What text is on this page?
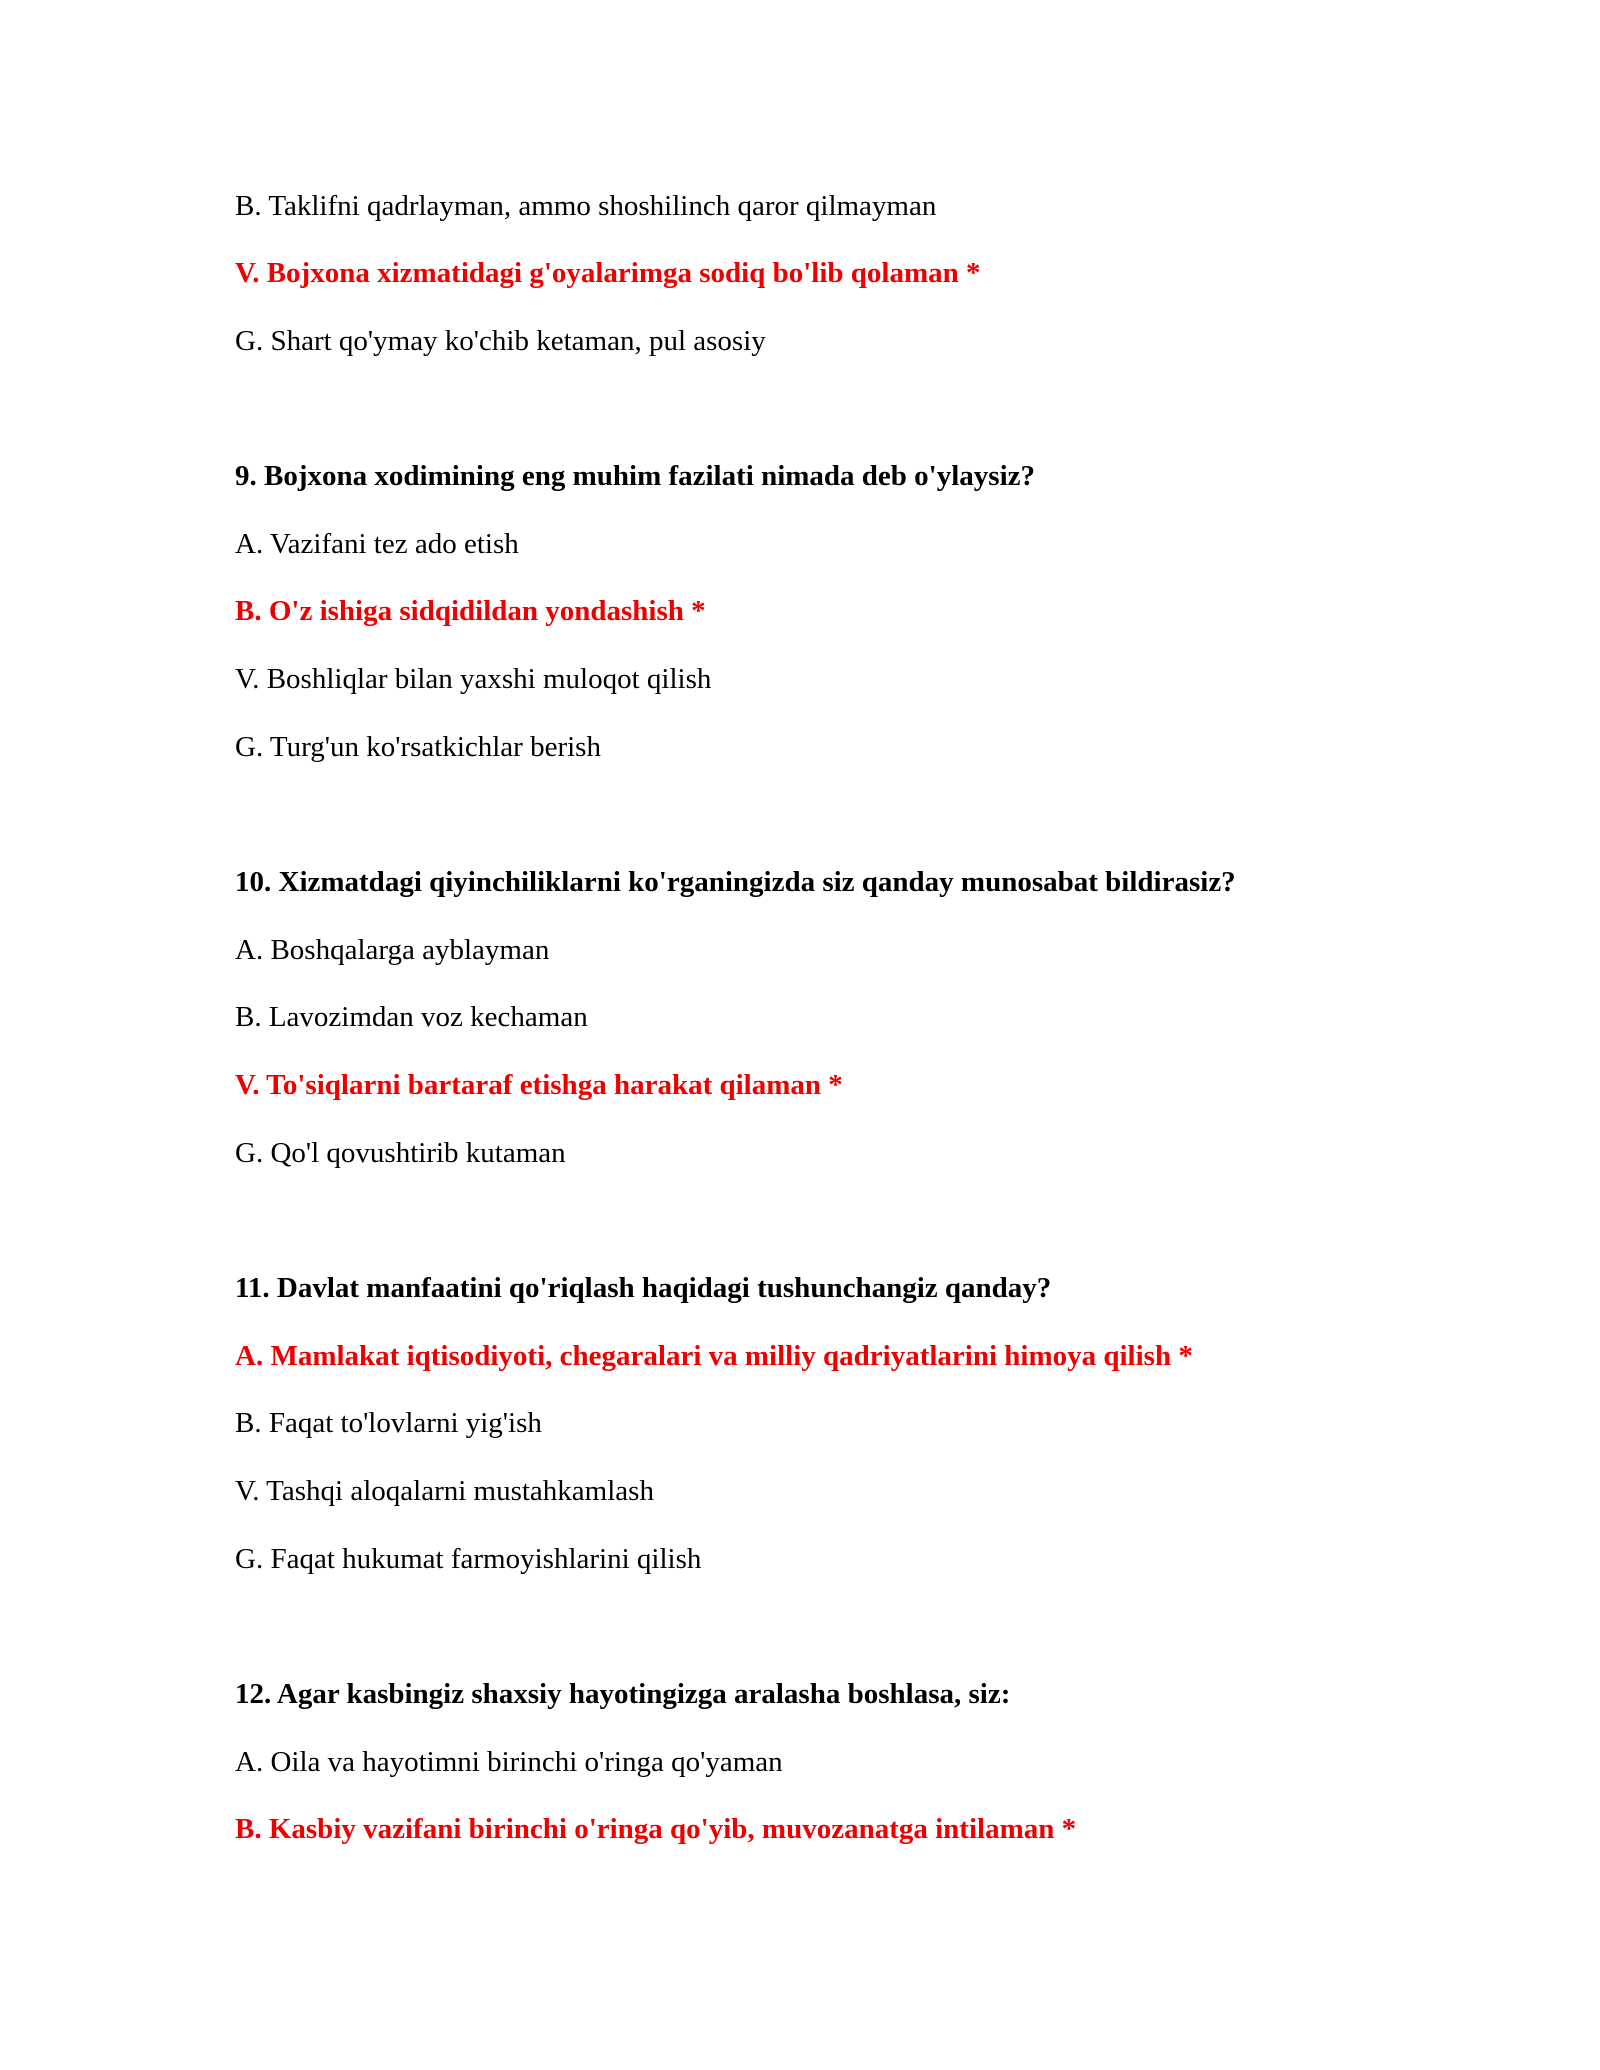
B. Taklifni qadrlayman, ammo shoshilinch qaror qilmayman

V. Bojxona xizmatidagi g'oyalarimga sodiq bo'lib qolaman *

G. Shart qo'ymay ko'chib ketaman, pul asosiy

9. Bojxona xodimining eng muhim fazilati nimada deb o'ylaysiz?

A. Vazifani tez ado etish

B. O'z ishiga sidqidildan yondashish *

V. Boshliqlar bilan yaxshi muloqot qilish

G. Turg'un ko'rsatkichlar berish

10. Xizmatdagi qiyinchiliklarni ko'rganingizda siz qanday munosabat bildirasiz?

A. Boshqalarga ayblayman

B. Lavozimdan voz kechaman

V. To'siqlarni bartaraf etishga harakat qilaman *

G. Qo'l qovushtirib kutaman

11. Davlat manfaatini qo'riqlash haqidagi tushunchangiz qanday?

A. Mamlakat iqtisodiyoti, chegaralari va milliy qadriyatlarini himoya qilish *

B. Faqat to'lovlarni yig'ish

V. Tashqi aloqalarni mustahkamlash

G. Faqat hukumat farmoyishlarini qilish

12. Agar kasbingiz shaxsiy hayotingizga aralasha boshlasa, siz:

A. Oila va hayotimni birinchi o'ringa qo'yaman

B. Kasbiy vazifani birinchi o'ringa qo'yib, muvozanatga intilaman *
